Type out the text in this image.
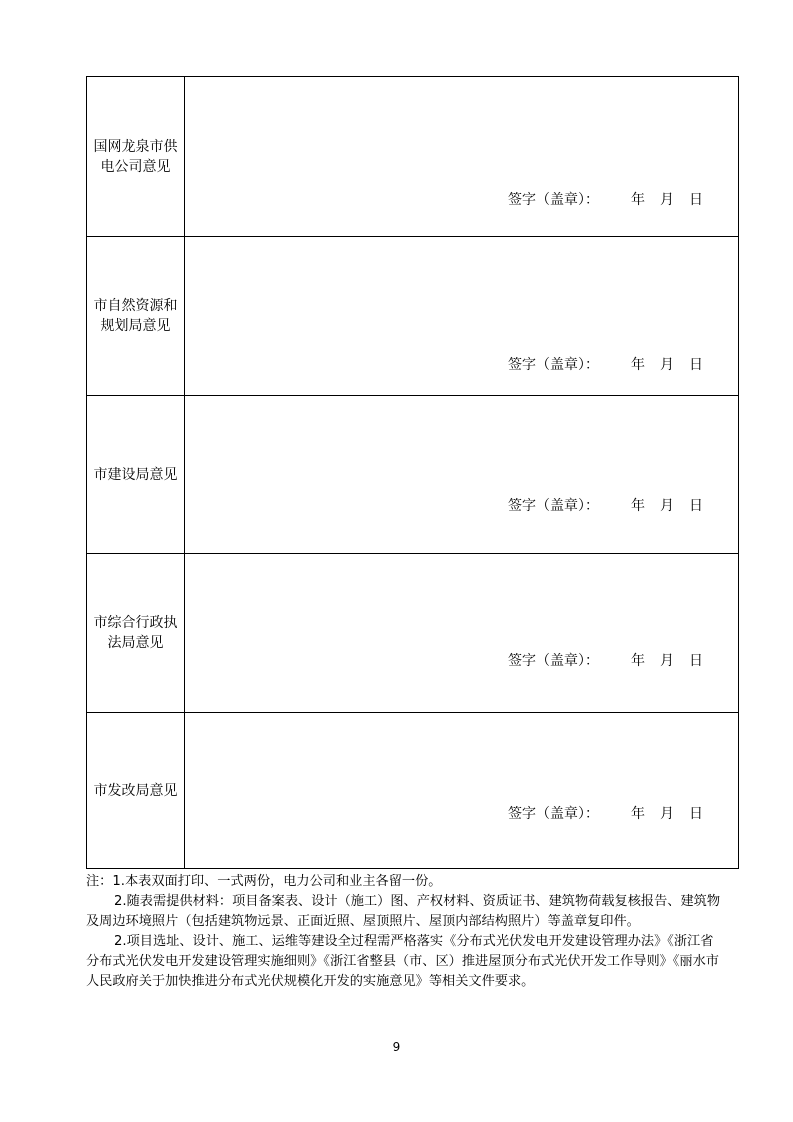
国网龙泉市供电公司意见
签字（盖章）： 年 月 日
市自然资源和规划局意见
签字（盖章）： 年 月 日
市建设局意见
签字（盖章）： 年 月 日
市综合行政执法局意见
签字（盖章）： 年 月 日
市发改局意见
签字（盖章）： 年 月 日

注：1.本表双面打印、一式两份，电力公司和业主各留一份。

2.随表需提供材料：项目备案表、设计（施工）图、产权材料、资质证书、建筑物荷载复核报告、建筑物及周边环境照片（包括建筑物远景、正面近照、屋顶照片、屋顶内部结构照片）等盖章复印件。

2.项目选址、设计、施工、运维等建设全过程需严格落实《分布式光伏发电开发建设管理办法》《浙江省分布式光伏发电开发建设管理实施细则》《浙江省整县（市、区）推进屋顶分布式光伏开发工作导则》《丽水市人民政府关于加快推进分布式光伏规模化开发的实施意见》等相关文件要求。

9
